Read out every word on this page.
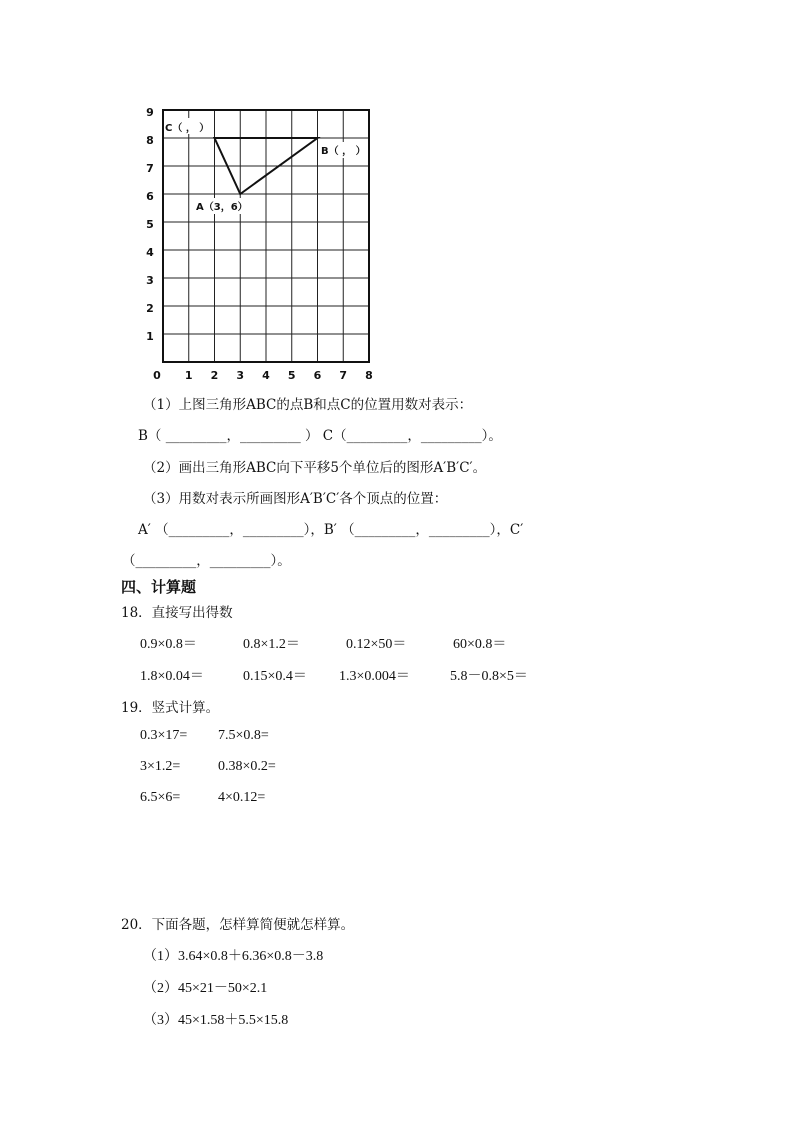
0 1 2 3 4 5 6 7 8
1
2
3
4
5
6
7
8
9
C（ ， ）
B（ ， ）
A（3，6）
（1）上图三角形ABC的点B和点C的位置用数对表示：
B（ _________，_________ ） C（_________，_________）。
（2）画出三角形ABC向下平移5个单位后的图形A′B′C′。
（3）用数对表示所画图形A′B′C′各个顶点的位置：
A′ （_________，_________），B′ （_________，_________），C′
（_________，_________）。
四、计算题
18．直接写出得数
0.9×0.8＝	0.8×1.2＝	0.12×50＝	60×0.8＝
1.8×0.04＝	0.15×0.4＝ 1.3×0.004＝	5.8－0.8×5＝
19．竖式计算。
0.3×17= 7.5×0.8=
3×1.2=	0.38×0.2=
6.5×6=	4×0.12=
20．下面各题，怎样算简便就怎样算。
（1）3.64×0.8＋6.36×0.8－3.8
（2）45×21－50×2.1
（3）45×1.58＋5.5×15.8
